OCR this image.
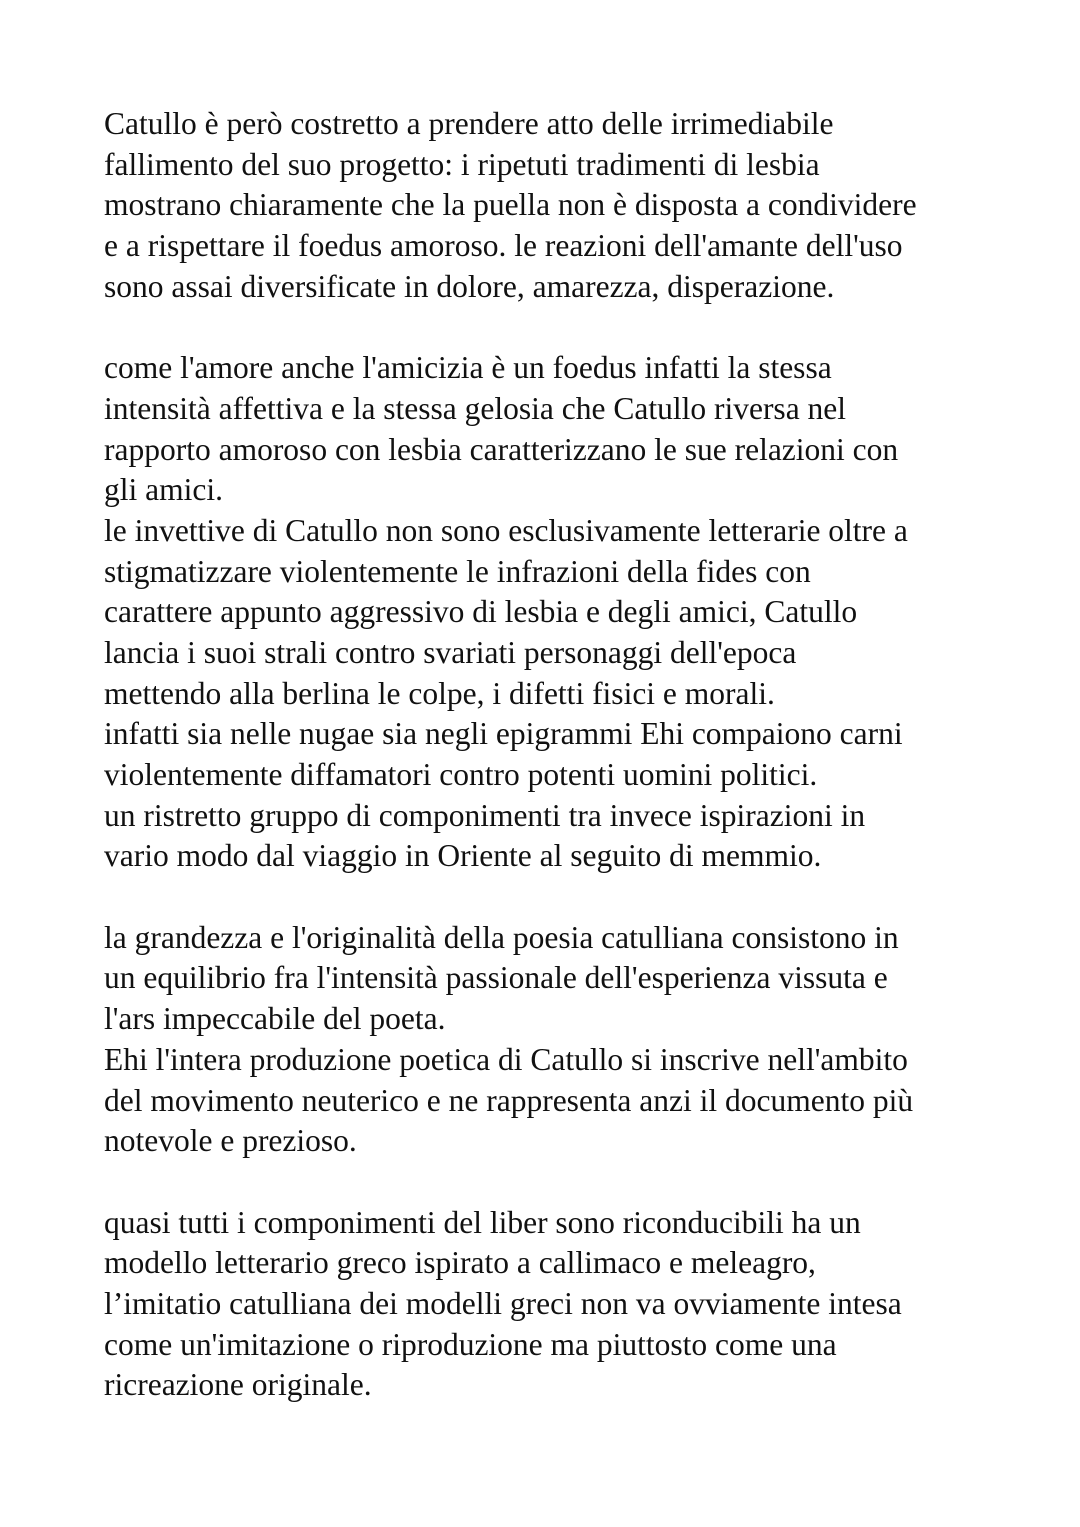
Catullo è però costretto a prendere atto delle irrimediabile
fallimento del suo progetto: i ripetuti tradimenti di lesbia
mostrano chiaramente che la puella non è disposta a condividere
e a rispettare il foedus amoroso. le reazioni dell'amante dell'uso
sono assai diversificate in dolore, amarezza, disperazione.
come l'amore anche l'amicizia è un foedus infatti la stessa
intensità affettiva e la stessa gelosia che Catullo riversa nel
rapporto amoroso con lesbia caratterizzano le sue relazioni con
gli amici.
le invettive di Catullo non sono esclusivamente letterarie oltre a
stigmatizzare violentemente le infrazioni della fides con
carattere appunto aggressivo di lesbia e degli amici, Catullo
lancia i suoi strali contro svariati personaggi dell'epoca
mettendo alla berlina le colpe, i difetti fisici e morali.
infatti sia nelle nugae sia negli epigrammi Ehi compaiono carni
violentemente diffamatori contro potenti uomini politici.
un ristretto gruppo di componimenti tra invece ispirazioni in
vario modo dal viaggio in Oriente al seguito di memmio.
la grandezza e l'originalità della poesia catulliana consistono in
un equilibrio fra l'intensità passionale dell'esperienza vissuta e
l'ars impeccabile del poeta.
Ehi l'intera produzione poetica di Catullo si inscrive nell'ambito
del movimento neuterico e ne rappresenta anzi il documento più
notevole e prezioso.
quasi tutti i componimenti del liber sono riconducibili ha un
modello letterario greco ispirato a callimaco e meleagro,
l’imitatio catulliana dei modelli greci non va ovviamente intesa
come un'imitazione o riproduzione ma piuttosto come una
ricreazione originale.
